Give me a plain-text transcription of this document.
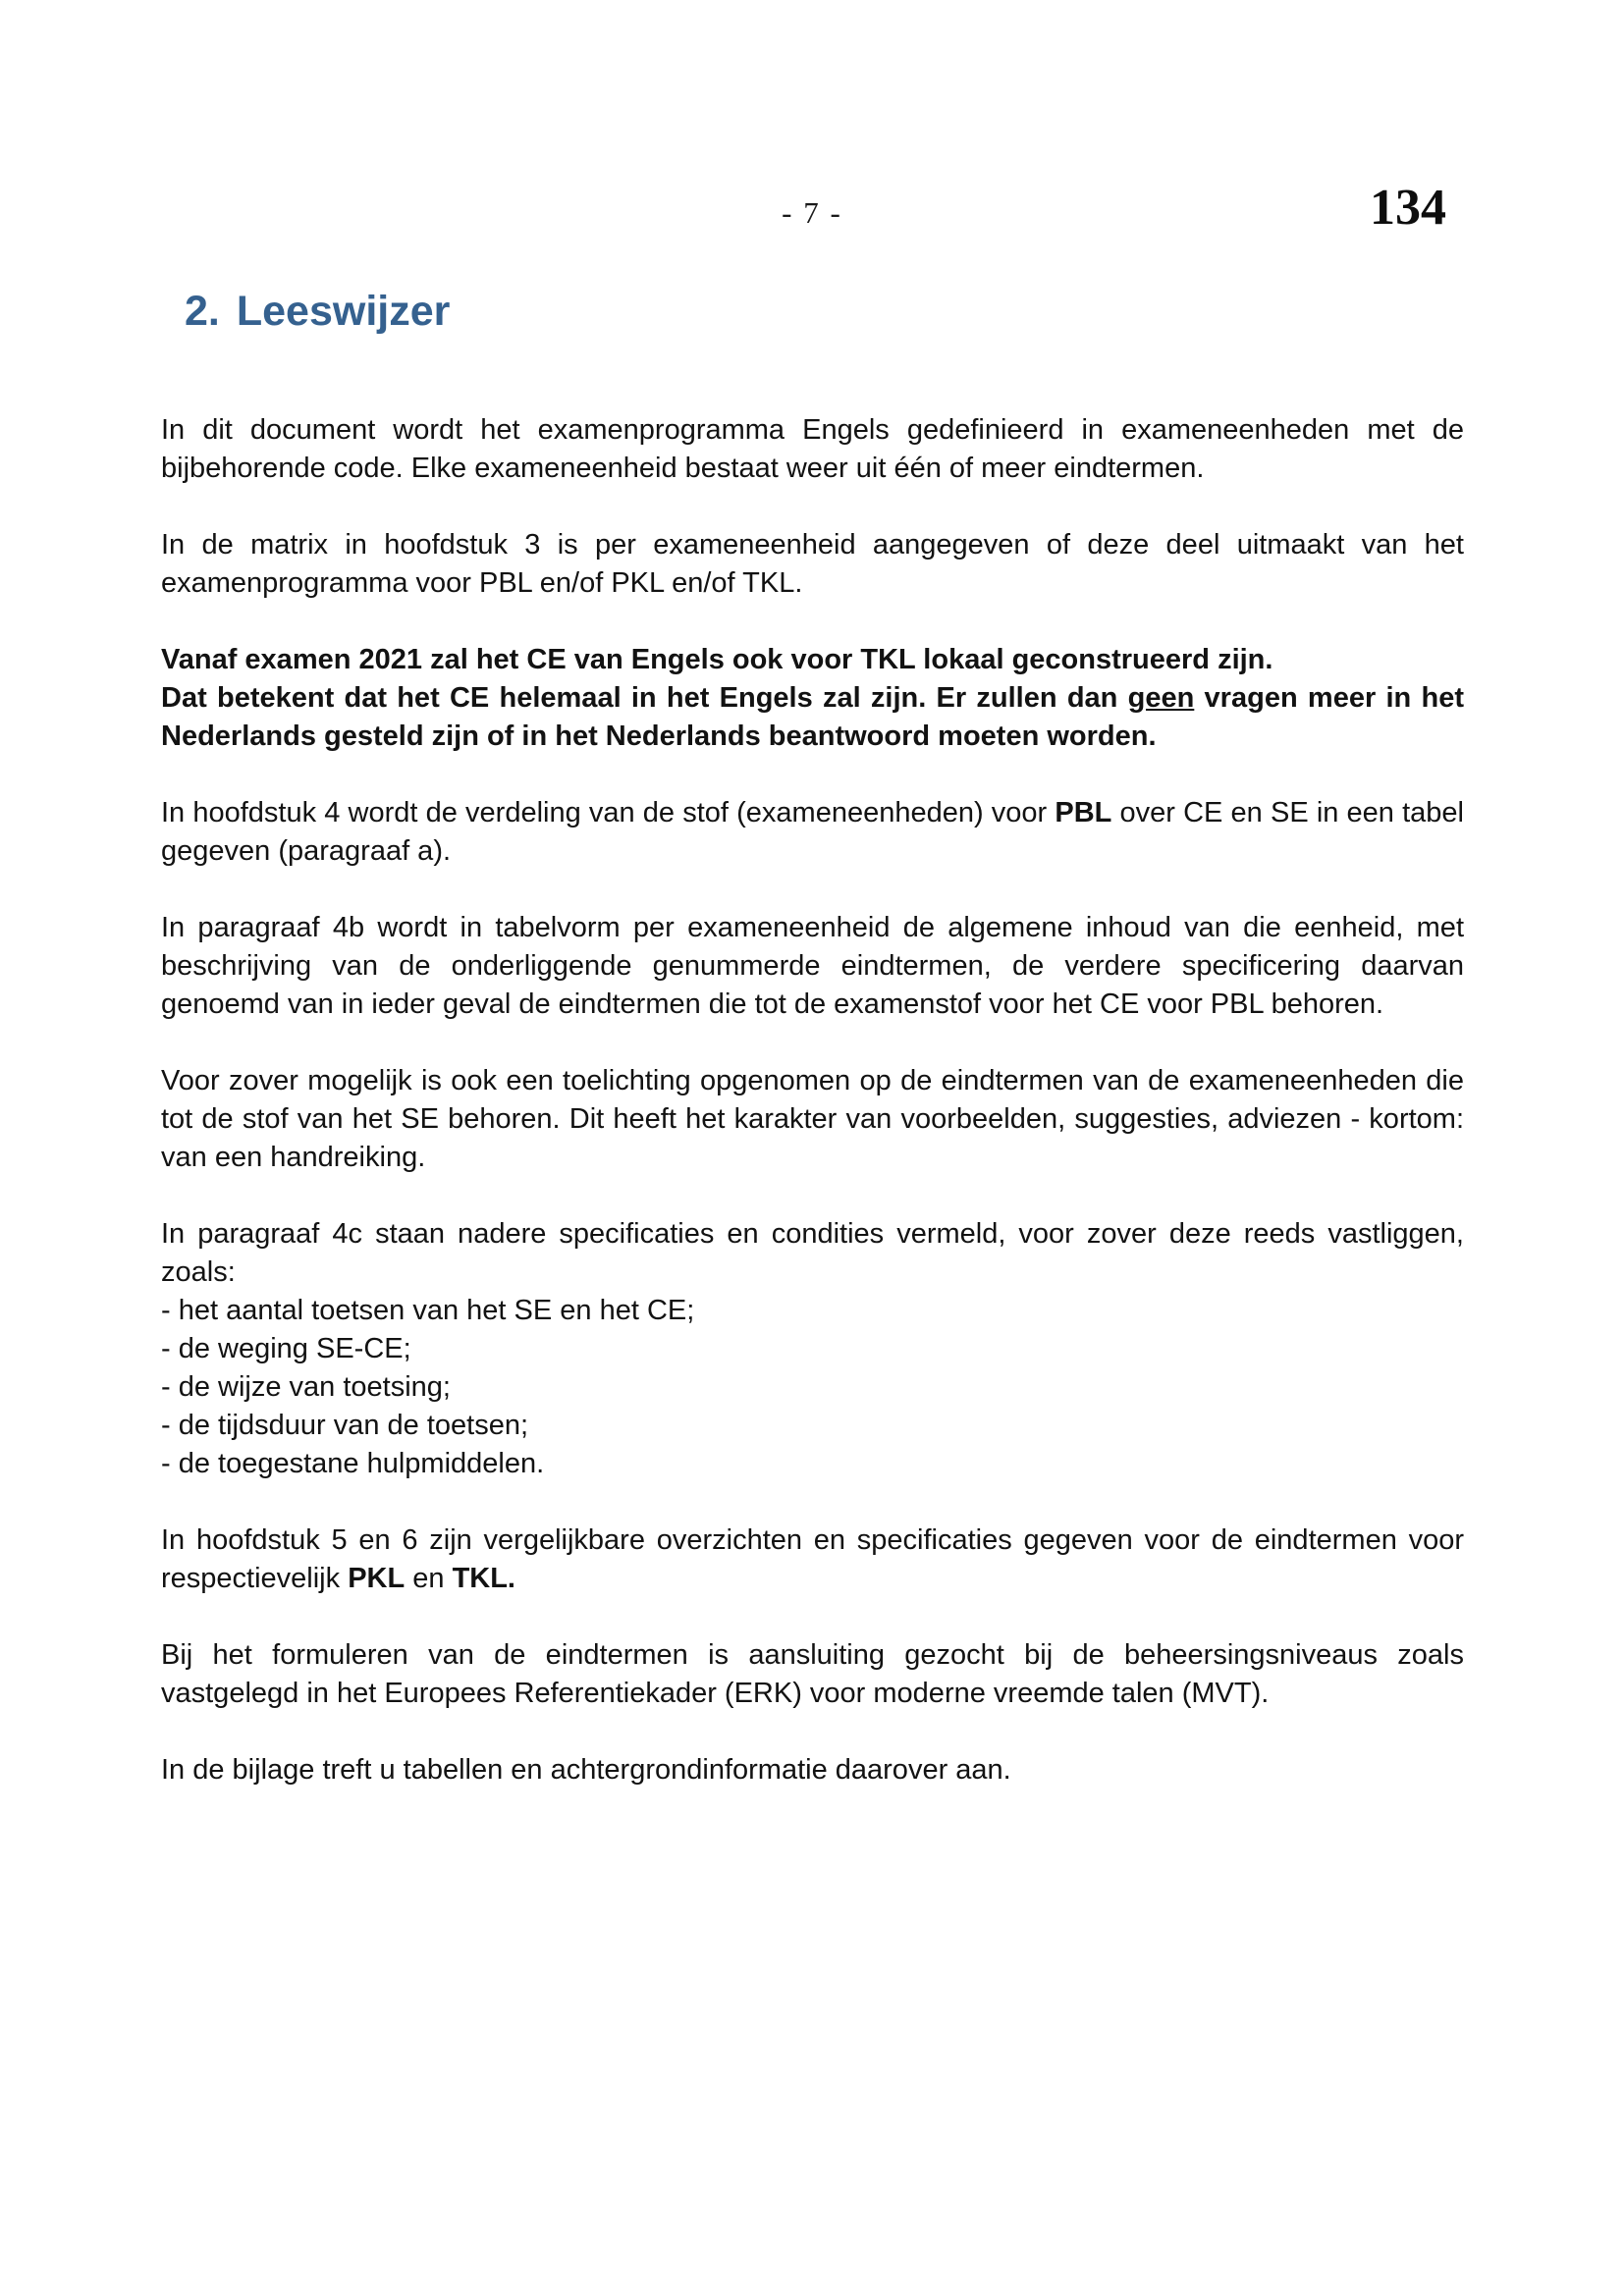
- 7 -	134
2. Leeswijzer

In dit document wordt het examenprogramma Engels gedefinieerd in exameneenheden met de bijbehorende code. Elke exameneenheid bestaat weer uit één of meer eindtermen.

In de matrix in hoofdstuk 3 is per exameneenheid aangegeven of deze deel uitmaakt van het examenprogramma voor PBL en/of PKL en/of TKL.

Vanaf examen 2021 zal het CE van Engels ook voor TKL lokaal geconstrueerd zijn.
Dat betekent dat het CE helemaal in het Engels zal zijn. Er zullen dan geen vragen meer in het Nederlands gesteld zijn of in het Nederlands beantwoord moeten worden.

In hoofdstuk 4 wordt de verdeling van de stof (exameneenheden) voor PBL over CE en SE in een tabel gegeven (paragraaf a).

In paragraaf 4b wordt in tabelvorm per exameneenheid de algemene inhoud van die eenheid, met beschrijving van de onderliggende genummerde eindtermen, de verdere specificering daarvan genoemd van in ieder geval de eindtermen die tot de examenstof voor het CE voor PBL behoren.

Voor zover mogelijk is ook een toelichting opgenomen op de eindtermen van de exameneenheden die tot de stof van het SE behoren. Dit heeft het karakter van voorbeelden, suggesties, adviezen - kortom: van een handreiking.

In paragraaf 4c staan nadere specificaties en condities vermeld, voor zover deze reeds vastliggen, zoals:

- het aantal toetsen van het SE en het CE;
- de weging SE-CE;
- de wijze van toetsing;
- de tijdsduur van de toetsen;
- de toegestane hulpmiddelen.

In hoofdstuk 5 en 6 zijn vergelijkbare overzichten en specificaties gegeven voor de eindtermen voor respectievelijk PKL en TKL.

Bij het formuleren van de eindtermen is aansluiting gezocht bij de beheersingsniveaus zoals vastgelegd in het Europees Referentiekader (ERK) voor moderne vreemde talen (MVT).

In de bijlage treft u tabellen en achtergrondinformatie daarover aan.
